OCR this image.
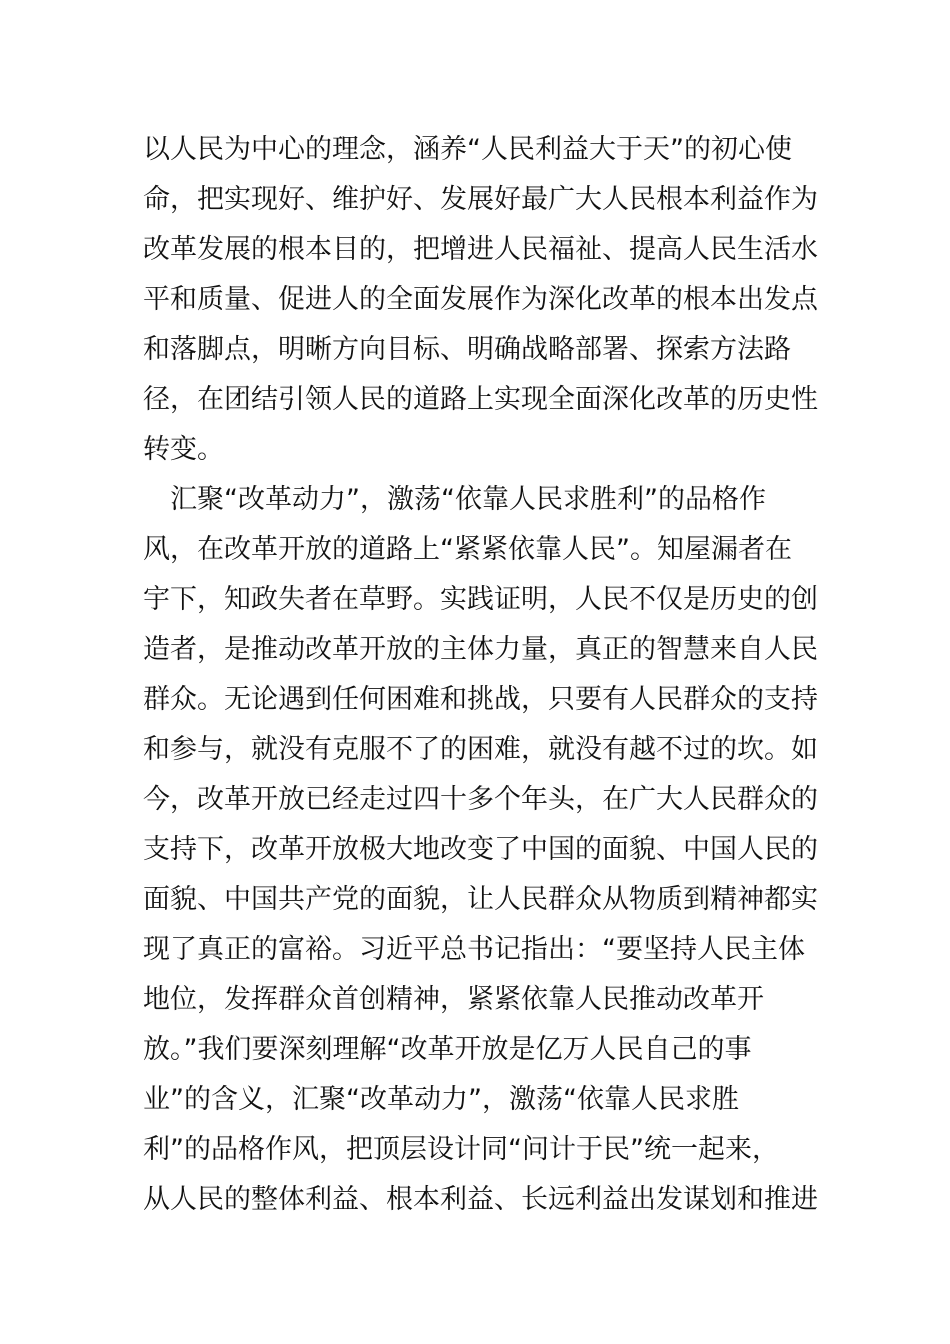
以人民为中心的理念，涵养“人民利益大于天”的初心使
命，把实现好、维护好、发展好最广大人民根本利益作为
改革发展的根本目的，把增进人民福祉、提高人民生活水
平和质量、促进人的全面发展作为深化改革的根本出发点
和落脚点，明晰方向目标、明确战略部署、探索方法路
径，在团结引领人民的道路上实现全面深化改革的历史性
转变。
汇聚“改革动力”，激荡“依靠人民求胜利”的品格作
风，在改革开放的道路上“紧紧依靠人民”。知屋漏者在
宇下，知政失者在草野。实践证明，人民不仅是历史的创
造者，是推动改革开放的主体力量，真正的智慧来自人民
群众。无论遇到任何困难和挑战，只要有人民群众的支持
和参与，就没有克服不了的困难，就没有越不过的坎。如
今，改革开放已经走过四十多个年头，在广大人民群众的
支持下，改革开放极大地改变了中国的面貌、中国人民的
面貌、中国共产党的面貌，让人民群众从物质到精神都实
现了真正的富裕。习近平总书记指出：“要坚持人民主体
地位，发挥群众首创精神，紧紧依靠人民推动改革开
放。”我们要深刻理解“改革开放是亿万人民自己的事
业”的含义，汇聚“改革动力”，激荡“依靠人民求胜
利”的品格作风，把顶层设计同“问计于民”统一起来，
从人民的整体利益、根本利益、长远利益出发谋划和推进
